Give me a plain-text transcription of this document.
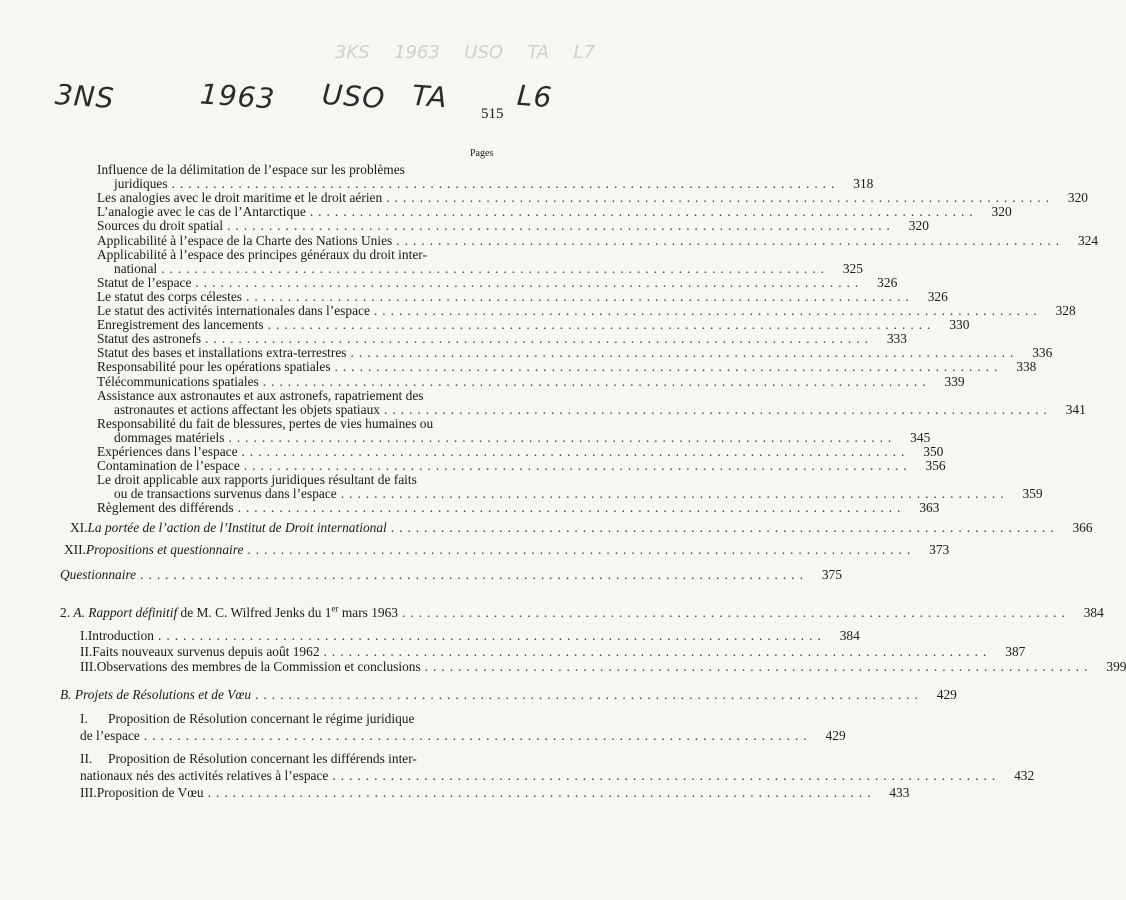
3KS 1963 USO TA L7
3NS	1963 USO TA L6
515
Pages
Influence de la délimitation de l’espace sur les problèmes
juridiques ................................................................................	318
Les analogies avec le droit maritime et le droit aérien ................................................................................	320
L’analogie avec le cas de l’Antarctique ................................................................................	320
Sources du droit spatial ................................................................................	320
Applicabilité à l’espace de la Charte des Nations Unies ................................................................................	324
Applicabilité à l’espace des principes généraux du droit inter-
national ................................................................................	325
Statut de l’espace ................................................................................	326
Le statut des corps célestes ................................................................................	326
Le statut des activités internationales dans l’espace ................................................................................	328
Enregistrement des lancements ................................................................................	330
Statut des astronefs ................................................................................	333
Statut des bases et installations extra-terrestres ................................................................................	336
Responsabilité pour les opérations spatiales ................................................................................	338
Télécommunications spatiales ................................................................................	339
Assistance aux astronautes et aux astronefs, rapatriement des
astronautes et actions affectant les objets spatiaux ................................................................................	341
Responsabilité du fait de blessures, pertes de vies humaines ou
dommages matériels ................................................................................	345
Expériences dans l’espace ................................................................................	350
Contamination de l’espace ................................................................................	356
Le droit applicable aux rapports juridiques résultant de faits
ou de transactions survenus dans l’espace ................................................................................	359
Règlement des différends ................................................................................	363
XI. La portée de l’action de l’Institut de Droit international ................................................................................	366
XII. Propositions et questionnaire ................................................................................	373
Questionnaire ................................................................................	375
2. A. Rapport définitif de M. C. Wilfred Jenks du 1er mars 1963 ................................................................................	384
I. Introduction ................................................................................	384
II. Faits nouveaux survenus depuis août 1962 ................................................................................	387
III. Observations des membres de la Commission et conclusions ................................................................................	399
B. Projets de Résolutions et de Vœu ................................................................................	429
I.	Proposition de Résolution concernant le régime juridique
de l’espace ................................................................................	429
II.	Proposition de Résolution concernant les différends inter-
nationaux nés des activités relatives à l’espace ................................................................................	432
III. Proposition de Vœu ................................................................................	433
